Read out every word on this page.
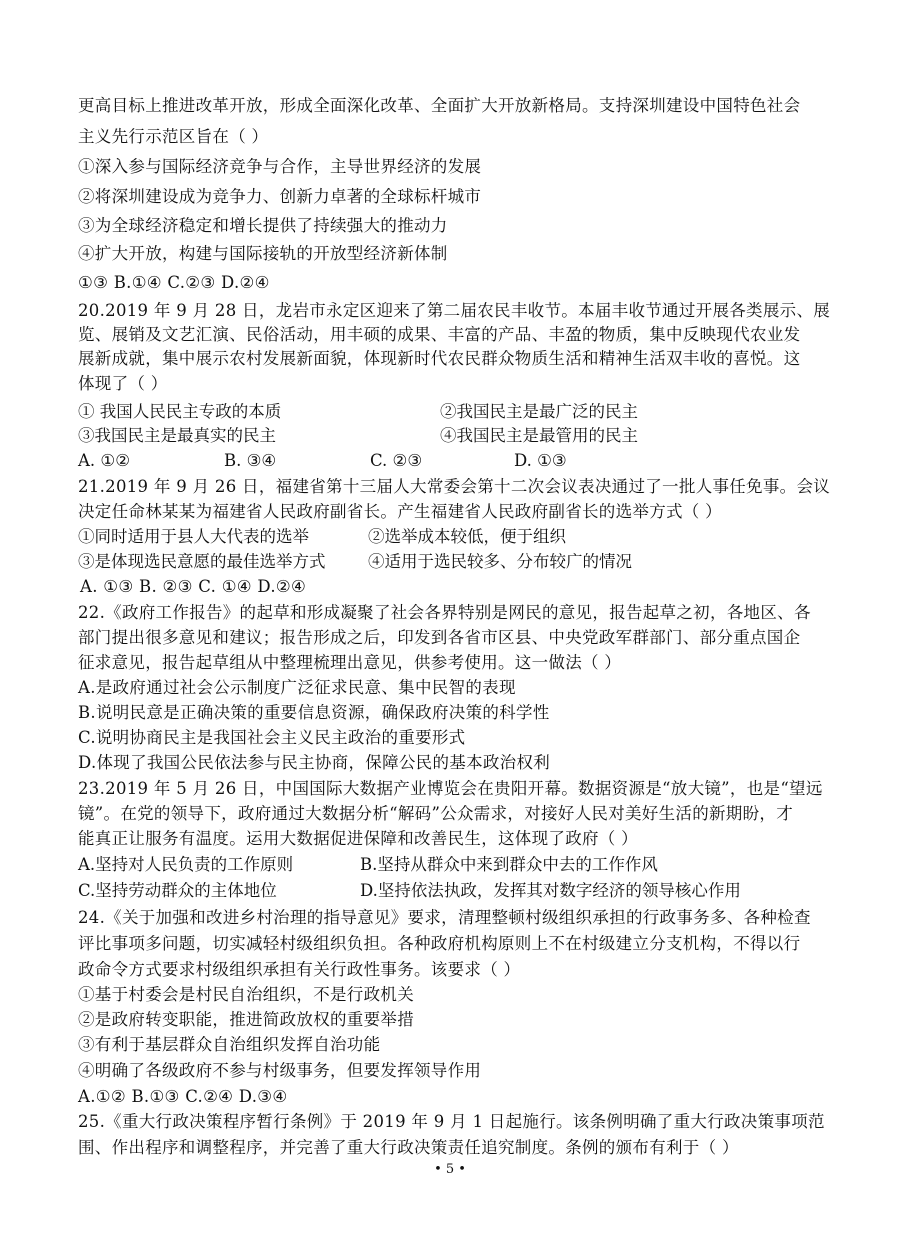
更高目标上推进改革开放，形成全面深化改革、全面扩大开放新格局。支持深圳建设中国特色社会
主义先行示范区旨在（ ）
①深入参与国际经济竞争与合作，主导世界经济的发展
②将深圳建设成为竞争力、创新力卓著的全球标杆城市
③为全球经济稳定和增长提供了持续强大的推动力
④扩大开放，构建与国际接轨的开放型经济新体制
①③ B.①④ C.②③ D.②④
20.2019 年 9 月 28 日，龙岩市永定区迎来了第二届农民丰收节。本届丰收节通过开展各类展示、展
览、展销及文艺汇演、民俗活动，用丰硕的成果、丰富的产品、丰盈的物质，集中反映现代农业发
展新成就，集中展示农村发展新面貌，体现新时代农民群众物质生活和精神生活双丰收的喜悦。这
体现了（ ）
① 我国人民民主专政的本质	②我国民主是最广泛的民主
③我国民主是最真实的民主	④我国民主是最管用的民主
A. ①②	B. ③④	C. ②③	D. ①③
21.2019 年 9 月 26 日，福建省第十三届人大常委会第十二次会议表决通过了一批人事任免事。会议
决定任命林某某为福建省人民政府副省长。产生福建省人民政府副省长的选举方式（ ）
①同时适用于县人大代表的选举	②选举成本较低，便于组织
③是体现选民意愿的最佳选举方式	④适用于选民较多、分布较广的情况
A. ①③ B. ②③ C. ①④ D.②④
22.《政府工作报告》的起草和形成凝聚了社会各界特别是网民的意见，报告起草之初，各地区、各
部门提出很多意见和建议；报告形成之后，印发到各省市区县、中央党政军群部门、部分重点国企
征求意见，报告起草组从中整理梳理出意见，供参考使用。这一做法（ ）
A.是政府通过社会公示制度广泛征求民意、集中民智的表现
B.说明民意是正确决策的重要信息资源，确保政府决策的科学性
C.说明协商民主是我国社会主义民主政治的重要形式
D.体现了我国公民依法参与民主协商，保障公民的基本政治权利
23.2019 年 5 月 26 日，中国国际大数据产业博览会在贵阳开幕。数据资源是“放大镜”，也是“望远
镜”。在党的领导下，政府通过大数据分析“解码”公众需求，对接好人民对美好生活的新期盼，才
能真正让服务有温度。运用大数据促进保障和改善民生，这体现了政府（ ）
A.坚持对人民负责的工作原则	B.坚持从群众中来到群众中去的工作作风
C.坚持劳动群众的主体地位	D.坚持依法执政，发挥其对数字经济的领导核心作用
24.《关于加强和改进乡村治理的指导意见》要求，清理整顿村级组织承担的行政事务多、各种检查
评比事项多问题，切实减轻村级组织负担。各种政府机构原则上不在村级建立分支机构，不得以行
政命令方式要求村级组织承担有关行政性事务。该要求（ ）
①基于村委会是村民自治组织，不是行政机关
②是政府转变职能，推进简政放权的重要举措
③有利于基层群众自治组织发挥自治功能
④明确了各级政府不参与村级事务，但要发挥领导作用
A.①② B.①③ C.②④ D.③④
25.《重大行政决策程序暂行条例》于 2019 年 9 月 1 日起施行。该条例明确了重大行政决策事项范
围、作出程序和调整程序，并完善了重大行政决策责任追究制度。条例的颁布有利于（ ）
• 5 •
